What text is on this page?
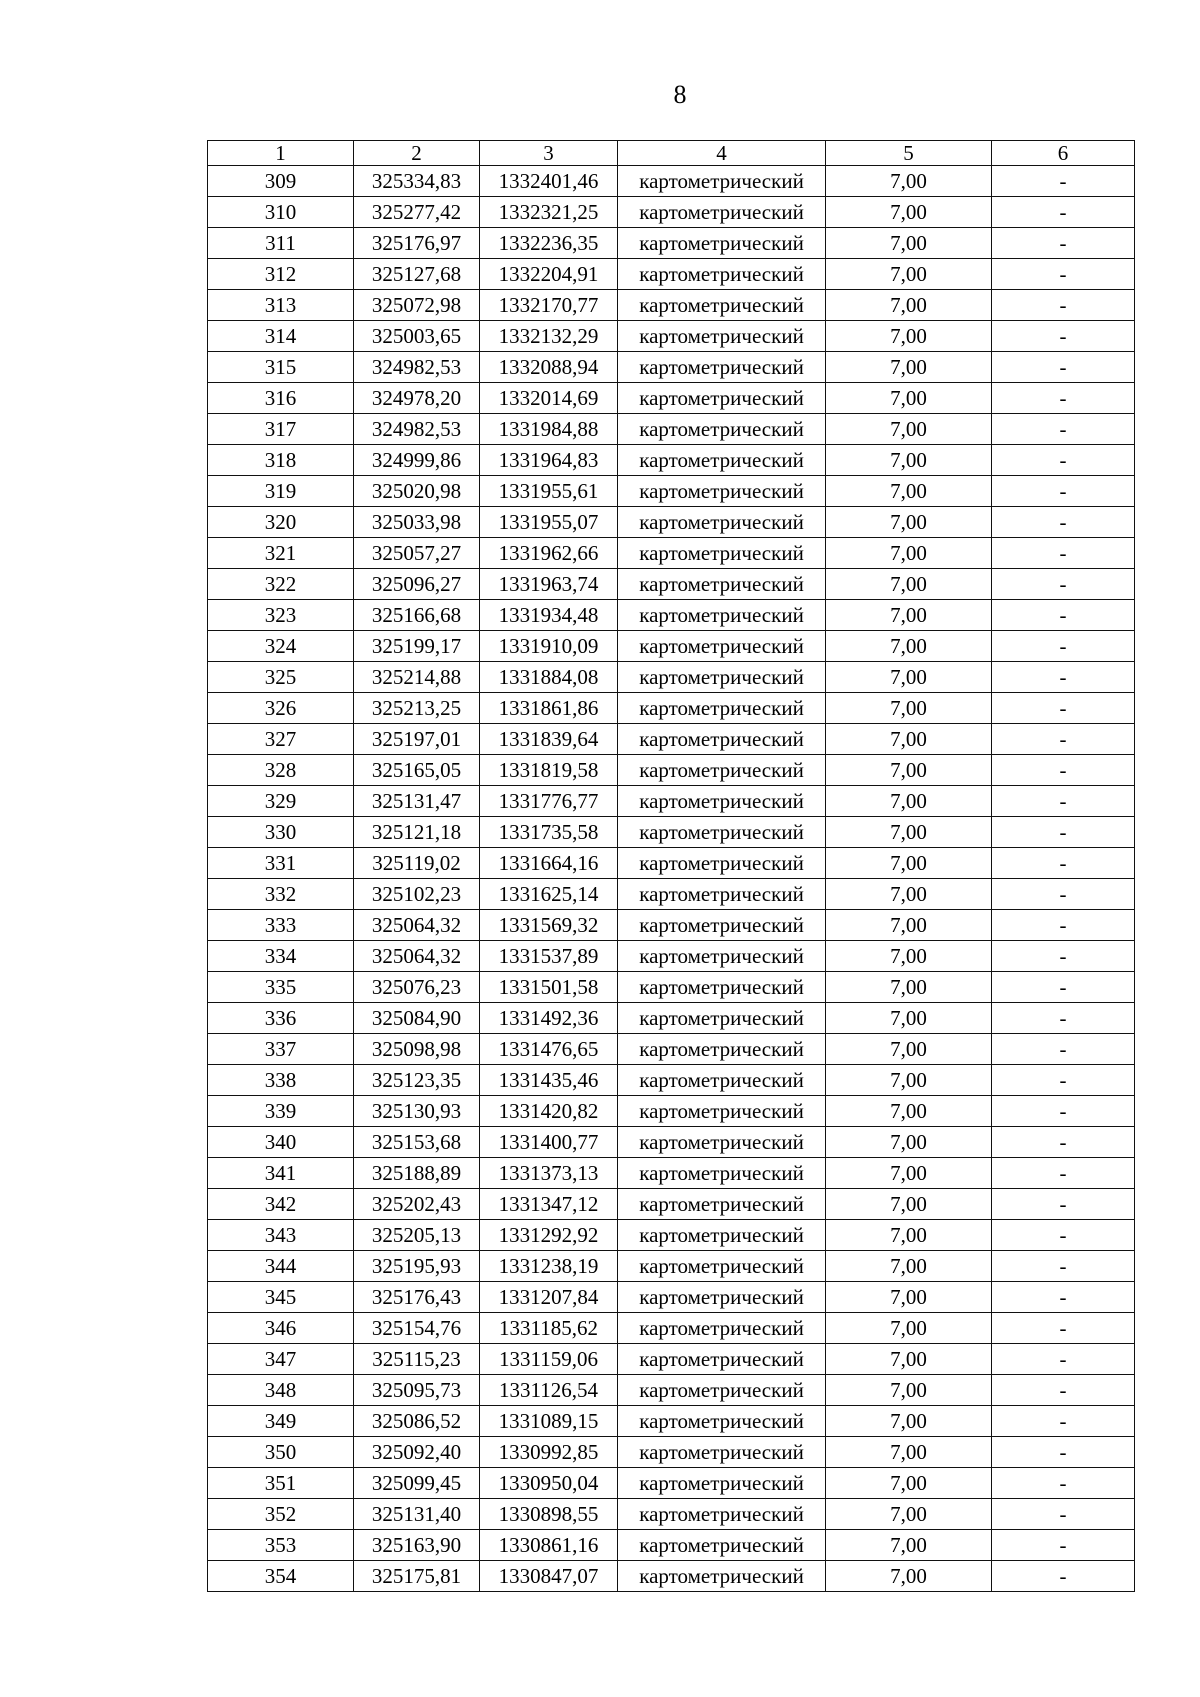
8
1	2	3	4	5	6
309	325334,83	1332401,46	картометрический	7,00	-
310	325277,42	1332321,25	картометрический	7,00	-
311	325176,97	1332236,35	картометрический	7,00	-
312	325127,68	1332204,91	картометрический	7,00	-
313	325072,98	1332170,77	картометрический	7,00	-
314	325003,65	1332132,29	картометрический	7,00	-
315	324982,53	1332088,94	картометрический	7,00	-
316	324978,20	1332014,69	картометрический	7,00	-
317	324982,53	1331984,88	картометрический	7,00	-
318	324999,86	1331964,83	картометрический	7,00	-
319	325020,98	1331955,61	картометрический	7,00	-
320	325033,98	1331955,07	картометрический	7,00	-
321	325057,27	1331962,66	картометрический	7,00	-
322	325096,27	1331963,74	картометрический	7,00	-
323	325166,68	1331934,48	картометрический	7,00	-
324	325199,17	1331910,09	картометрический	7,00	-
325	325214,88	1331884,08	картометрический	7,00	-
326	325213,25	1331861,86	картометрический	7,00	-
327	325197,01	1331839,64	картометрический	7,00	-
328	325165,05	1331819,58	картометрический	7,00	-
329	325131,47	1331776,77	картометрический	7,00	-
330	325121,18	1331735,58	картометрический	7,00	-
331	325119,02	1331664,16	картометрический	7,00	-
332	325102,23	1331625,14	картометрический	7,00	-
333	325064,32	1331569,32	картометрический	7,00	-
334	325064,32	1331537,89	картометрический	7,00	-
335	325076,23	1331501,58	картометрический	7,00	-
336	325084,90	1331492,36	картометрический	7,00	-
337	325098,98	1331476,65	картометрический	7,00	-
338	325123,35	1331435,46	картометрический	7,00	-
339	325130,93	1331420,82	картометрический	7,00	-
340	325153,68	1331400,77	картометрический	7,00	-
341	325188,89	1331373,13	картометрический	7,00	-
342	325202,43	1331347,12	картометрический	7,00	-
343	325205,13	1331292,92	картометрический	7,00	-
344	325195,93	1331238,19	картометрический	7,00	-
345	325176,43	1331207,84	картометрический	7,00	-
346	325154,76	1331185,62	картометрический	7,00	-
347	325115,23	1331159,06	картометрический	7,00	-
348	325095,73	1331126,54	картометрический	7,00	-
349	325086,52	1331089,15	картометрический	7,00	-
350	325092,40	1330992,85	картометрический	7,00	-
351	325099,45	1330950,04	картометрический	7,00	-
352	325131,40	1330898,55	картометрический	7,00	-
353	325163,90	1330861,16	картометрический	7,00	-
354	325175,81	1330847,07	картометрический	7,00	-
